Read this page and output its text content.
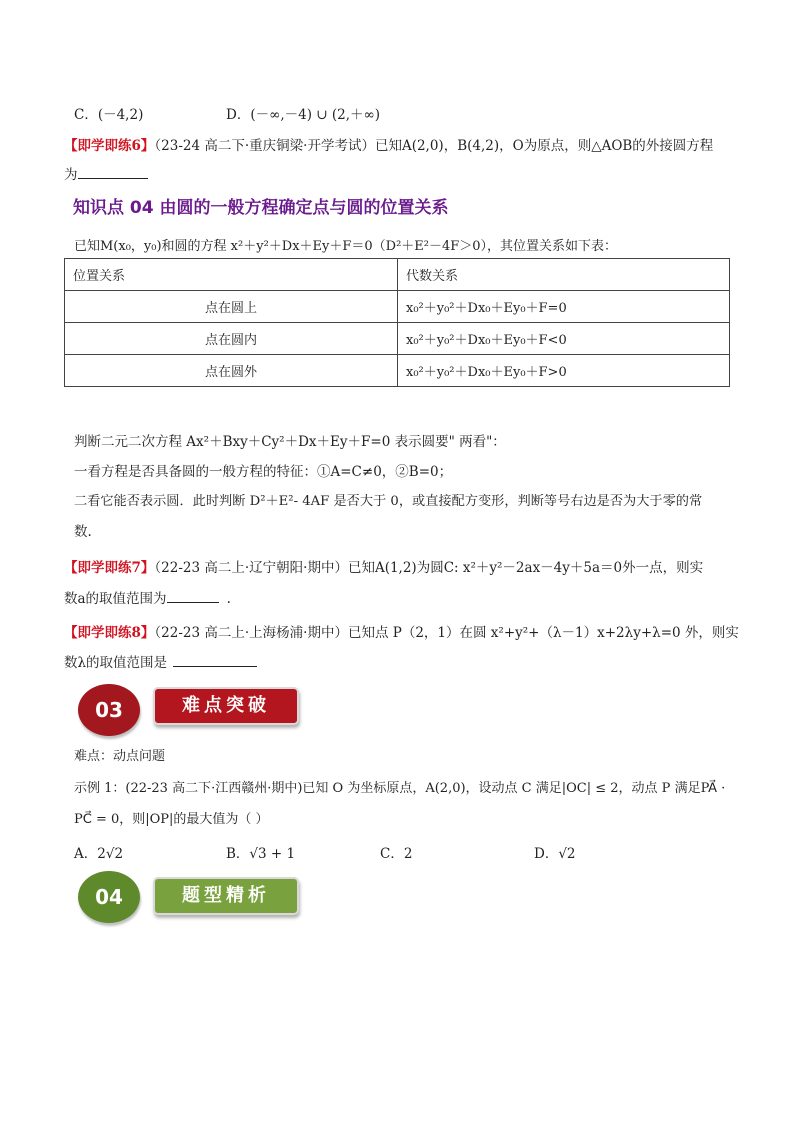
C．(－4,2)	D．(－∞,－4) ∪ (2,＋∞)
【即学即练6】（23-24 高二下·重庆铜梁·开学考试）已知A(2,0)，B(4,2)，O为原点，则△AOB的外接圆方程
为
知识点 04 由圆的一般方程确定点与圆的位置关系
已知M(x₀，y₀)和圆的方程 x²＋y²＋Dx＋Ey＋F＝0（D²＋E²－4F＞0），其位置关系如下表：
位置关系	代数关系
点在圆上	x₀²＋y₀²＋Dx₀＋Ey₀＋F=0
点在圆内	x₀²＋y₀²＋Dx₀＋Ey₀＋F<0
点在圆外	x₀²＋y₀²＋Dx₀＋Ey₀＋F>0
判断二元二次方程 Ax²＋Bxy＋Cy²＋Dx＋Ey＋F=0 表示圆要" 两看"：
一看方程是否具备圆的一般方程的特征：①A=C≠0，②B=0；
二看它能否表示圆．此时判断 D²＋E²- 4AF 是否大于 0，或直接配方变形，判断等号右边是否为大于零的常
数.
【即学即练7】（22-23 高二上·辽宁朝阳·期中）已知A(1,2)为圆C: x²＋y²－2ax－4y＋5a＝0外一点，则实
数a的取值范围为	.
【即学即练8】（22-23 高二上·上海杨浦·期中）已知点 P（2，1）在圆 x²+y²+（λ－1）x+2λy+λ=0 外，则实
数λ的取值范围是
03	难点突破
难点：动点问题
示例 1：(22-23 高二下·江西赣州·期中)已知 O 为坐标原点，A(2,0)，设动点 C 满足|OC| ≤ 2，动点 P 满足PA⃗ ·
PC⃗ = 0，则|OP|的最大值为（ ）
A．2√2	B．√3 + 1	C．2	D．√2
04	题型精析
